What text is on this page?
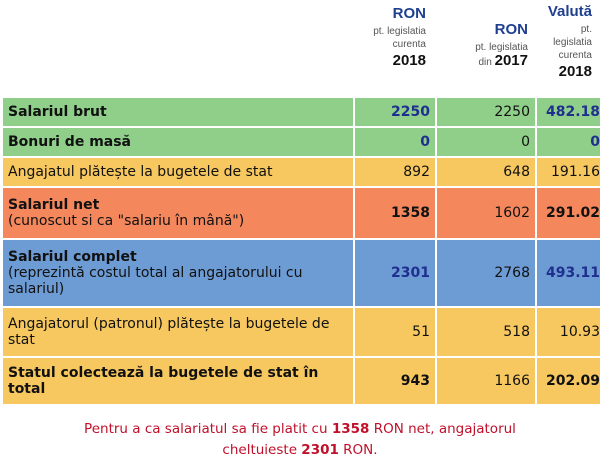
RON
pt. legislatia
curenta
2018
RON
pt. legislatia
din 2017
Valută
pt.
legislatia
curenta
2018
Salariul brut	2250	2250	482.18
Bonuri de masă	0	0	0
Angajatul plătește la bugetele de stat	892	648	191.16

Salariul net
(cunoscut si ca "salariu în mână")	1358	1602	291.02

Salariul complet
(reprezintă costul total al angajatorului cu salariul)	2301	2768	493.11
Angajatorul (patronul) plătește la bugetele de stat	51	518	10.93
Statul colectează la bugetele de stat în total	943	1166	202.09
Pentru a ca salariatul sa fie platit cu 1358 RON net, angajatorul
cheltuieste 2301 RON.
